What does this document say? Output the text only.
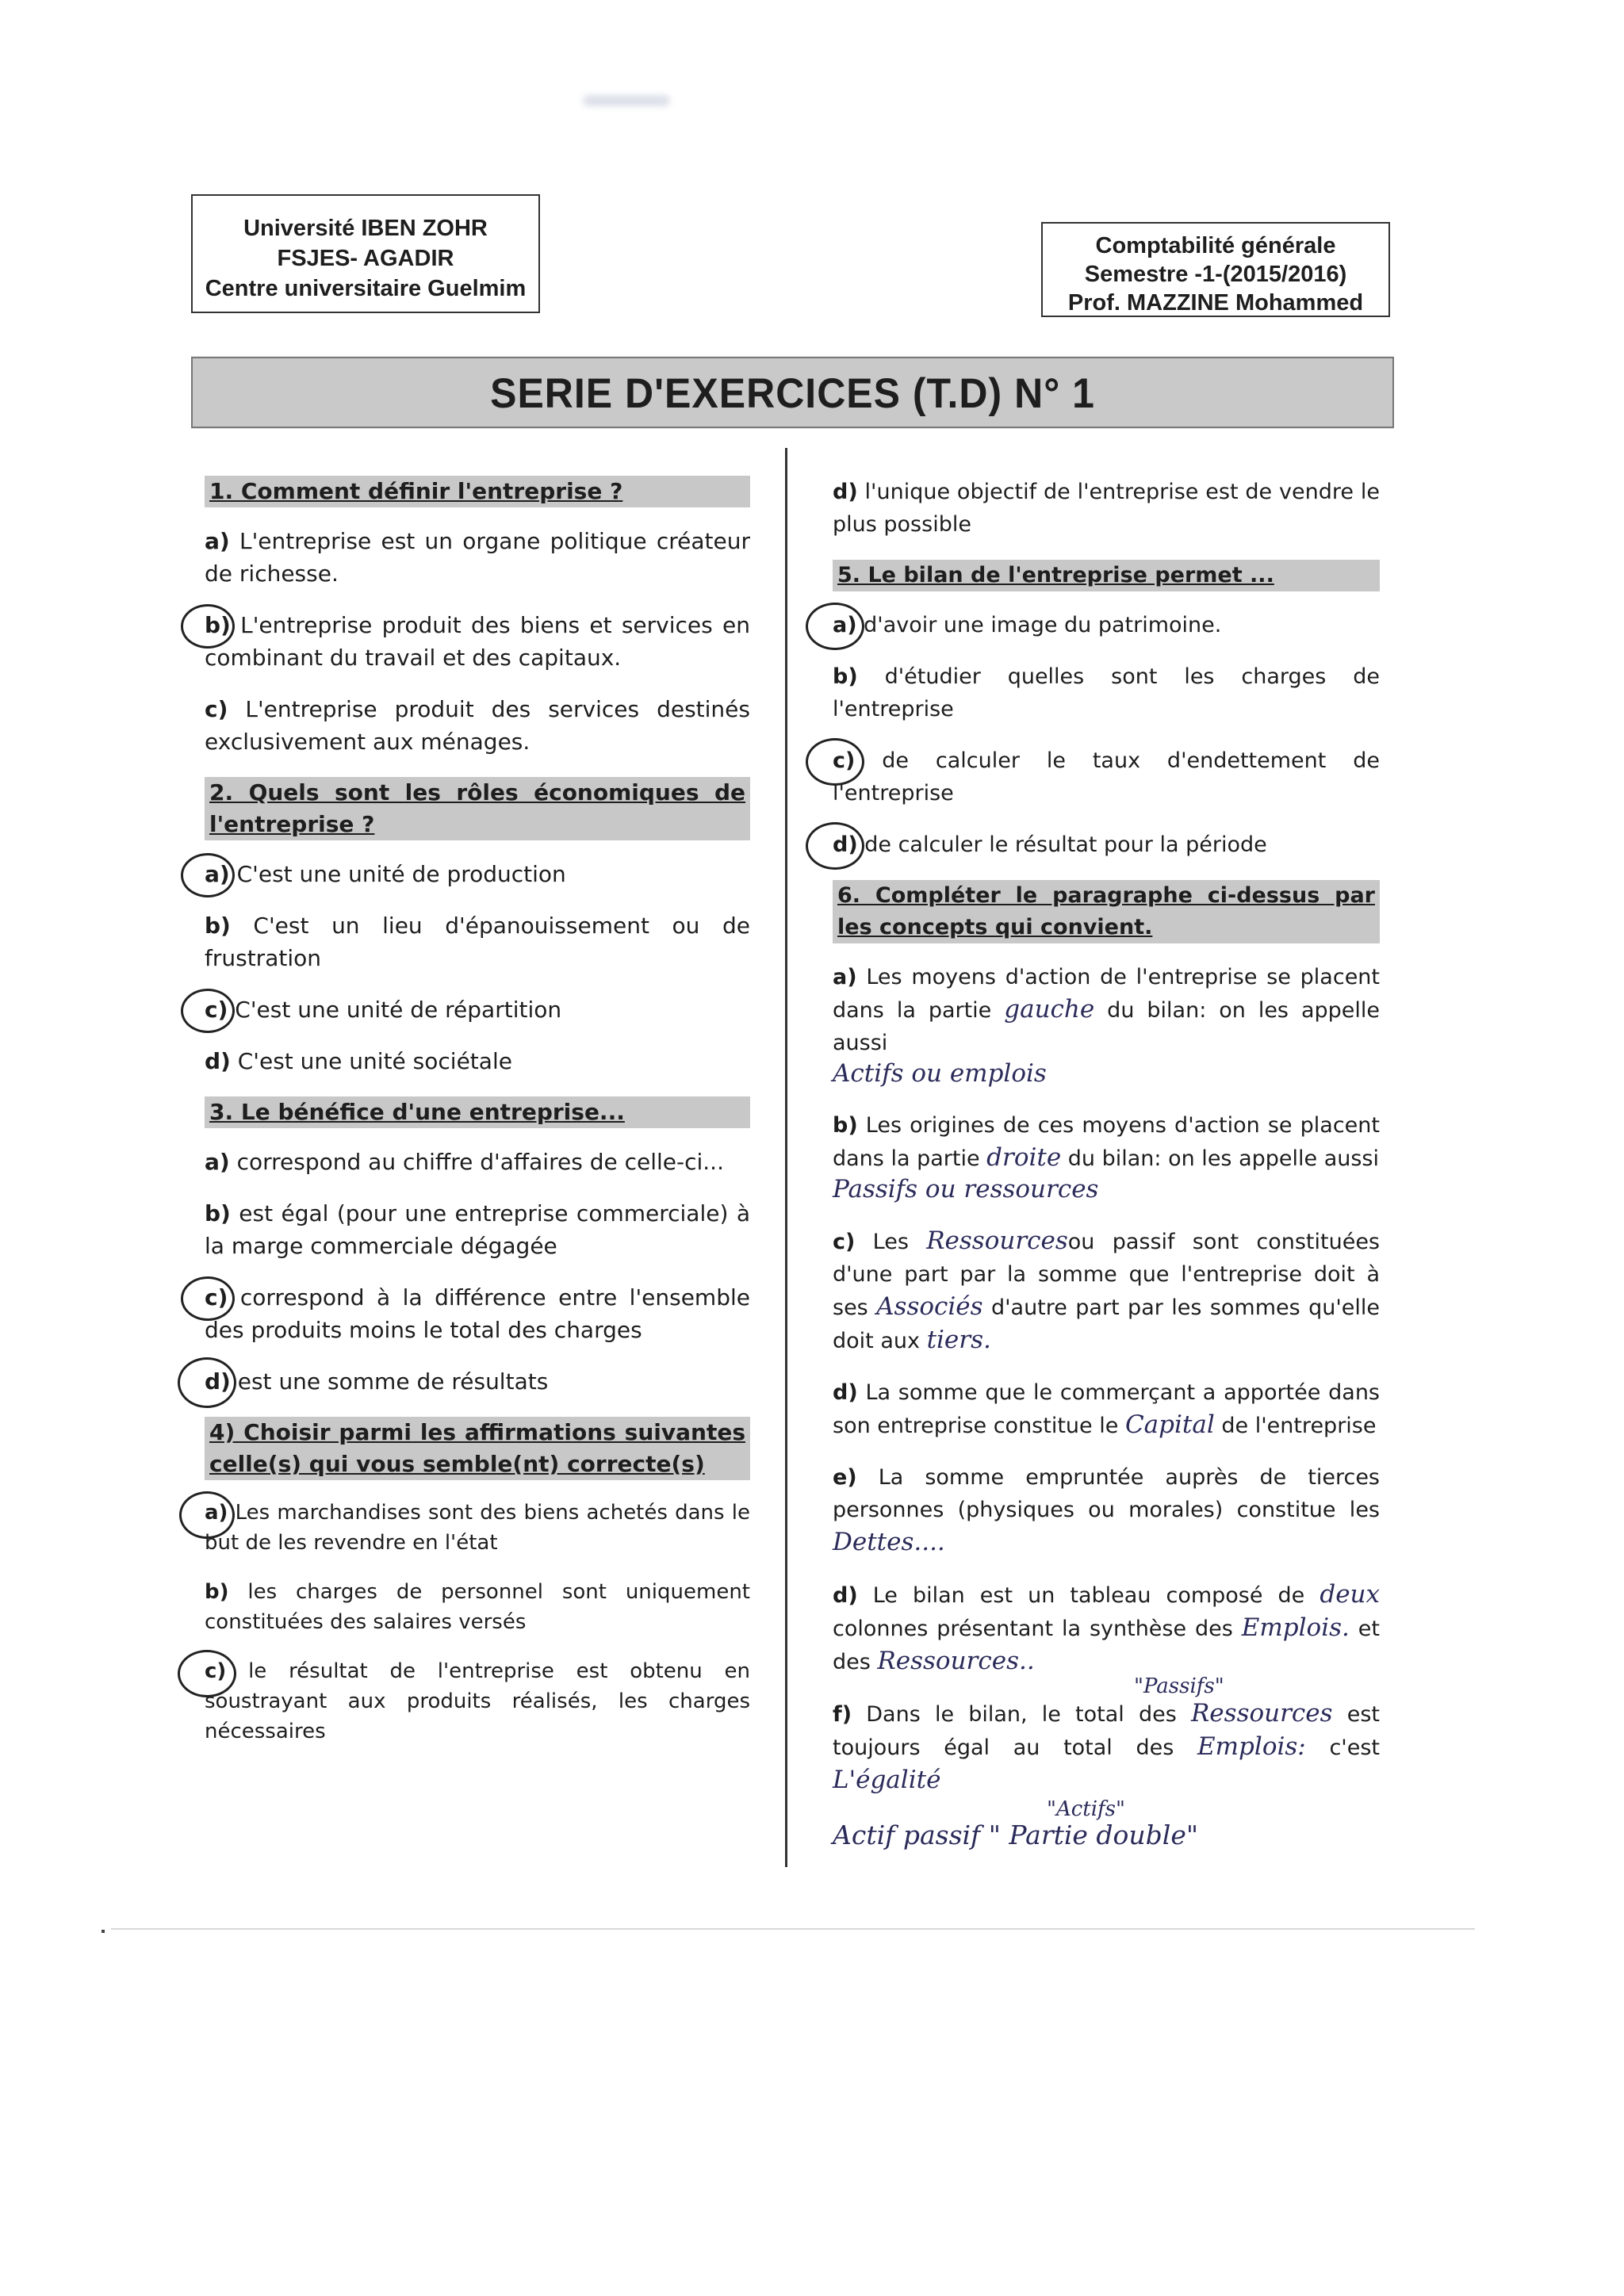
Université IBEN ZOHR
FSJES- AGADIR
Centre universitaire Guelmim
Comptabilité générale
Semestre -1-(2015/2016)
Prof. MAZZINE Mohammed
SERIE D'EXERCICES (T.D) N° 1
1. Comment définir l'entreprise ?
a) L'entreprise est un organe politique créateur de richesse.
b) L'entreprise produit des biens et services en combinant du travail et des capitaux.
c) L'entreprise produit des services destinés exclusivement aux ménages.
2. Quels sont les rôles économiques de l'entreprise ?
a) C'est une unité de production
b) C'est un lieu d'épanouissement ou de frustration
c) C'est une unité de répartition
d) C'est une unité sociétale
3. Le bénéfice d'une entreprise...
a) correspond au chiffre d'affaires de celle-ci...
b) est égal (pour une entreprise commerciale) à la marge commerciale dégagée
c) correspond à la différence entre l'ensemble des produits moins le total des charges
d) est une somme de résultats
4) Choisir parmi les affirmations suivantes celle(s) qui vous semble(nt) correcte(s)
a) Les marchandises sont des biens achetés dans le but de les revendre en l'état
b) les charges de personnel sont uniquement constituées des salaires versés
c) le résultat de l'entreprise est obtenu en soustrayant aux produits réalisés, les charges nécessaires
d) l'unique objectif de l'entreprise est de vendre le plus possible
5. Le bilan de l'entreprise permet ...
a) d'avoir une image du patrimoine.
b) d'étudier quelles sont les charges de l'entreprise
c) de calculer le taux d'endettement de l'entreprise
d) de calculer le résultat pour la période
6. Compléter le paragraphe ci-dessus par les concepts qui convient.
a) Les moyens d'action de l'entreprise se placent dans la partie gauche du bilan: on les appelle aussi
Actifs ou emplois
b) Les origines de ces moyens d'action se placent dans la partie droite du bilan: on les appelle aussi
Passifs ou ressources
c) Les Ressourcesou passif sont constituées d'une part par la somme que l'entreprise doit à ses Associés d'autre part par les sommes qu'elle doit aux tiers.
d) La somme que le commerçant a apportée dans son entreprise constitue le Capital de l'entreprise
e) La somme empruntée auprès de tierces personnes (physiques ou morales) constitue les Dettes....
d) Le bilan est un tableau composé de deux colonnes présentant la synthèse des Emplois. et des Ressources..
"Passifs"
f) Dans le bilan, le total des Ressources est toujours égal au total des Emplois: c'est L'égalité
"Actifs"
Actif passif " Partie double"
